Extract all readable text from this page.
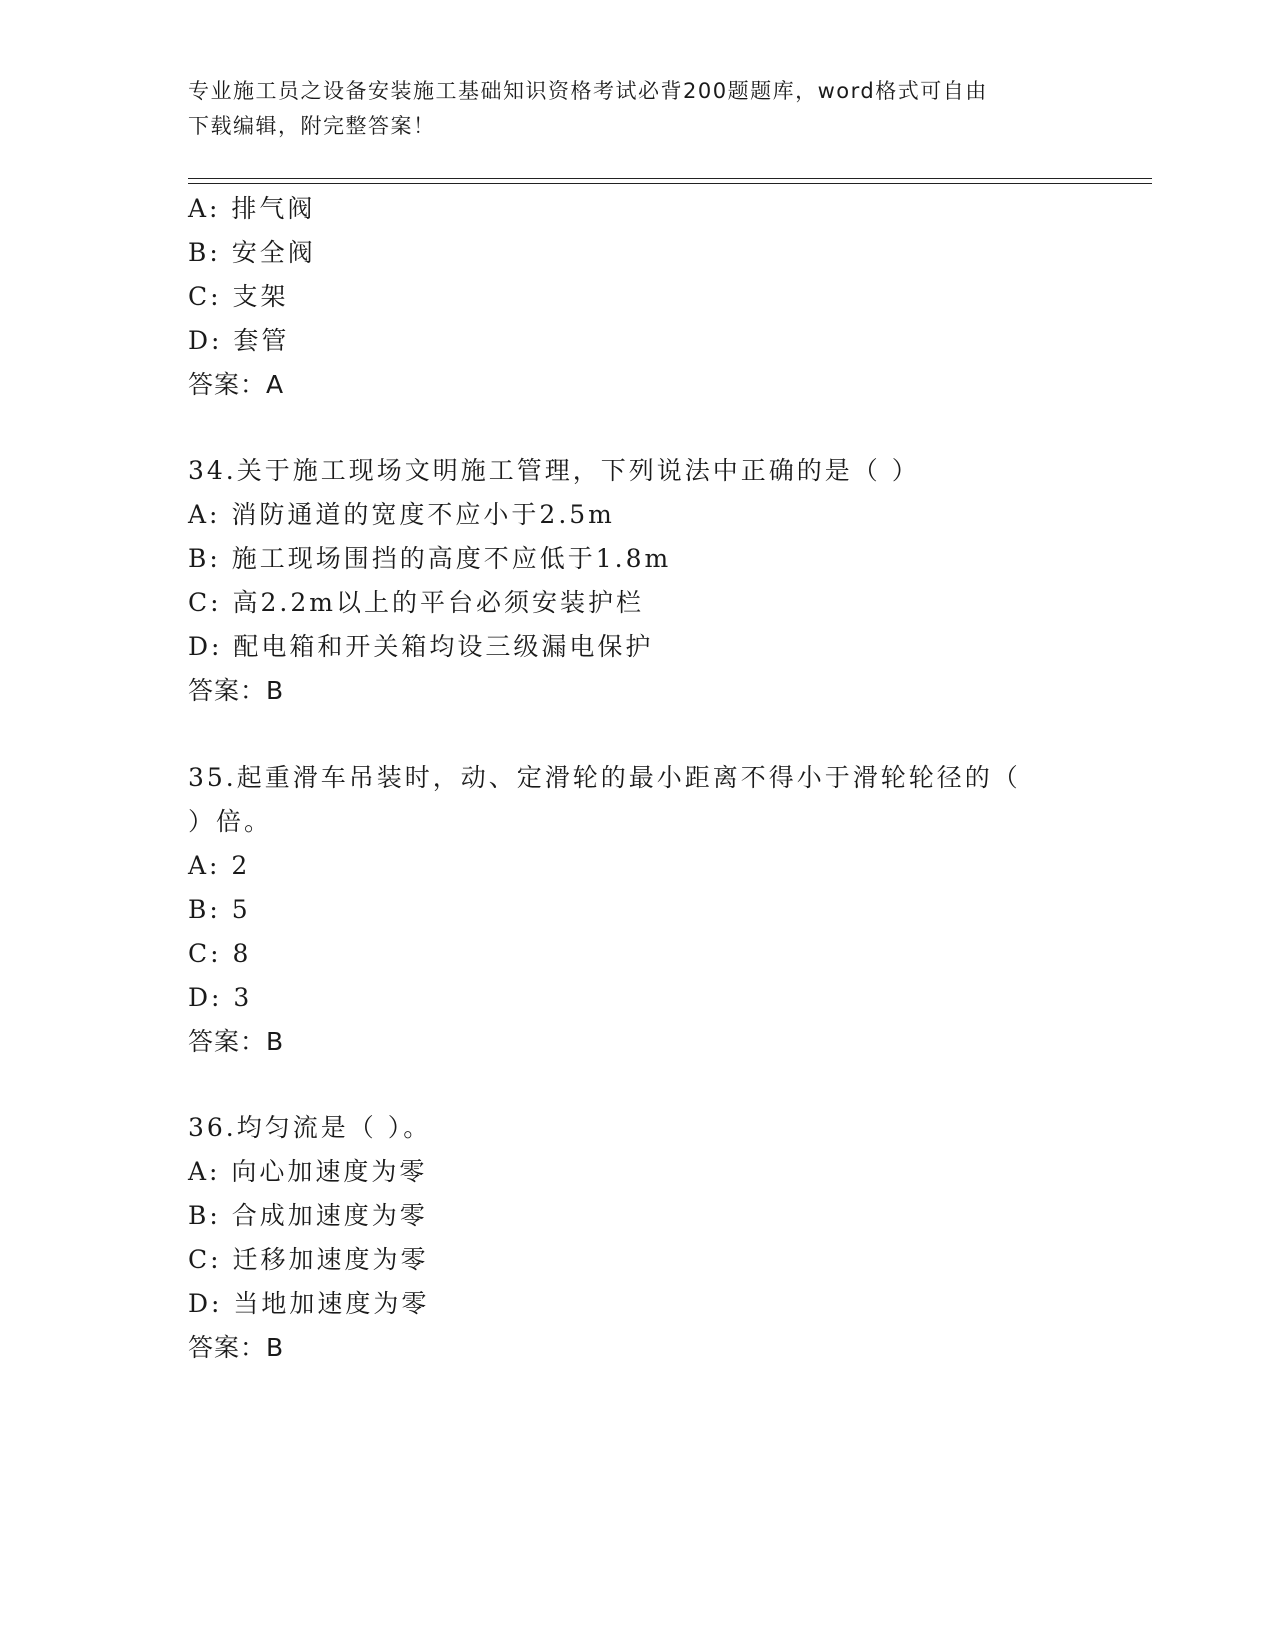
专业施工员之设备安装施工基础知识资格考试必背200题题库，word格式可自由
下载编辑，附完整答案！
A: 排气阀
B: 安全阀
C: 支架
D: 套管
答案：A
34.关于施工现场文明施工管理，下列说法中正确的是（ ）
A: 消防通道的宽度不应小于2.5m
B: 施工现场围挡的高度不应低于1.8m
C: 高2.2m以上的平台必须安装护栏
D: 配电箱和开关箱均设三级漏电保护
答案：B
35.起重滑车吊装时，动、定滑轮的最小距离不得小于滑轮轮径的（
）倍。
A: 2
B: 5
C: 8
D: 3
答案：B
36.均匀流是（ ）。
A: 向心加速度为零
B: 合成加速度为零
C: 迁移加速度为零
D: 当地加速度为零
答案：B
